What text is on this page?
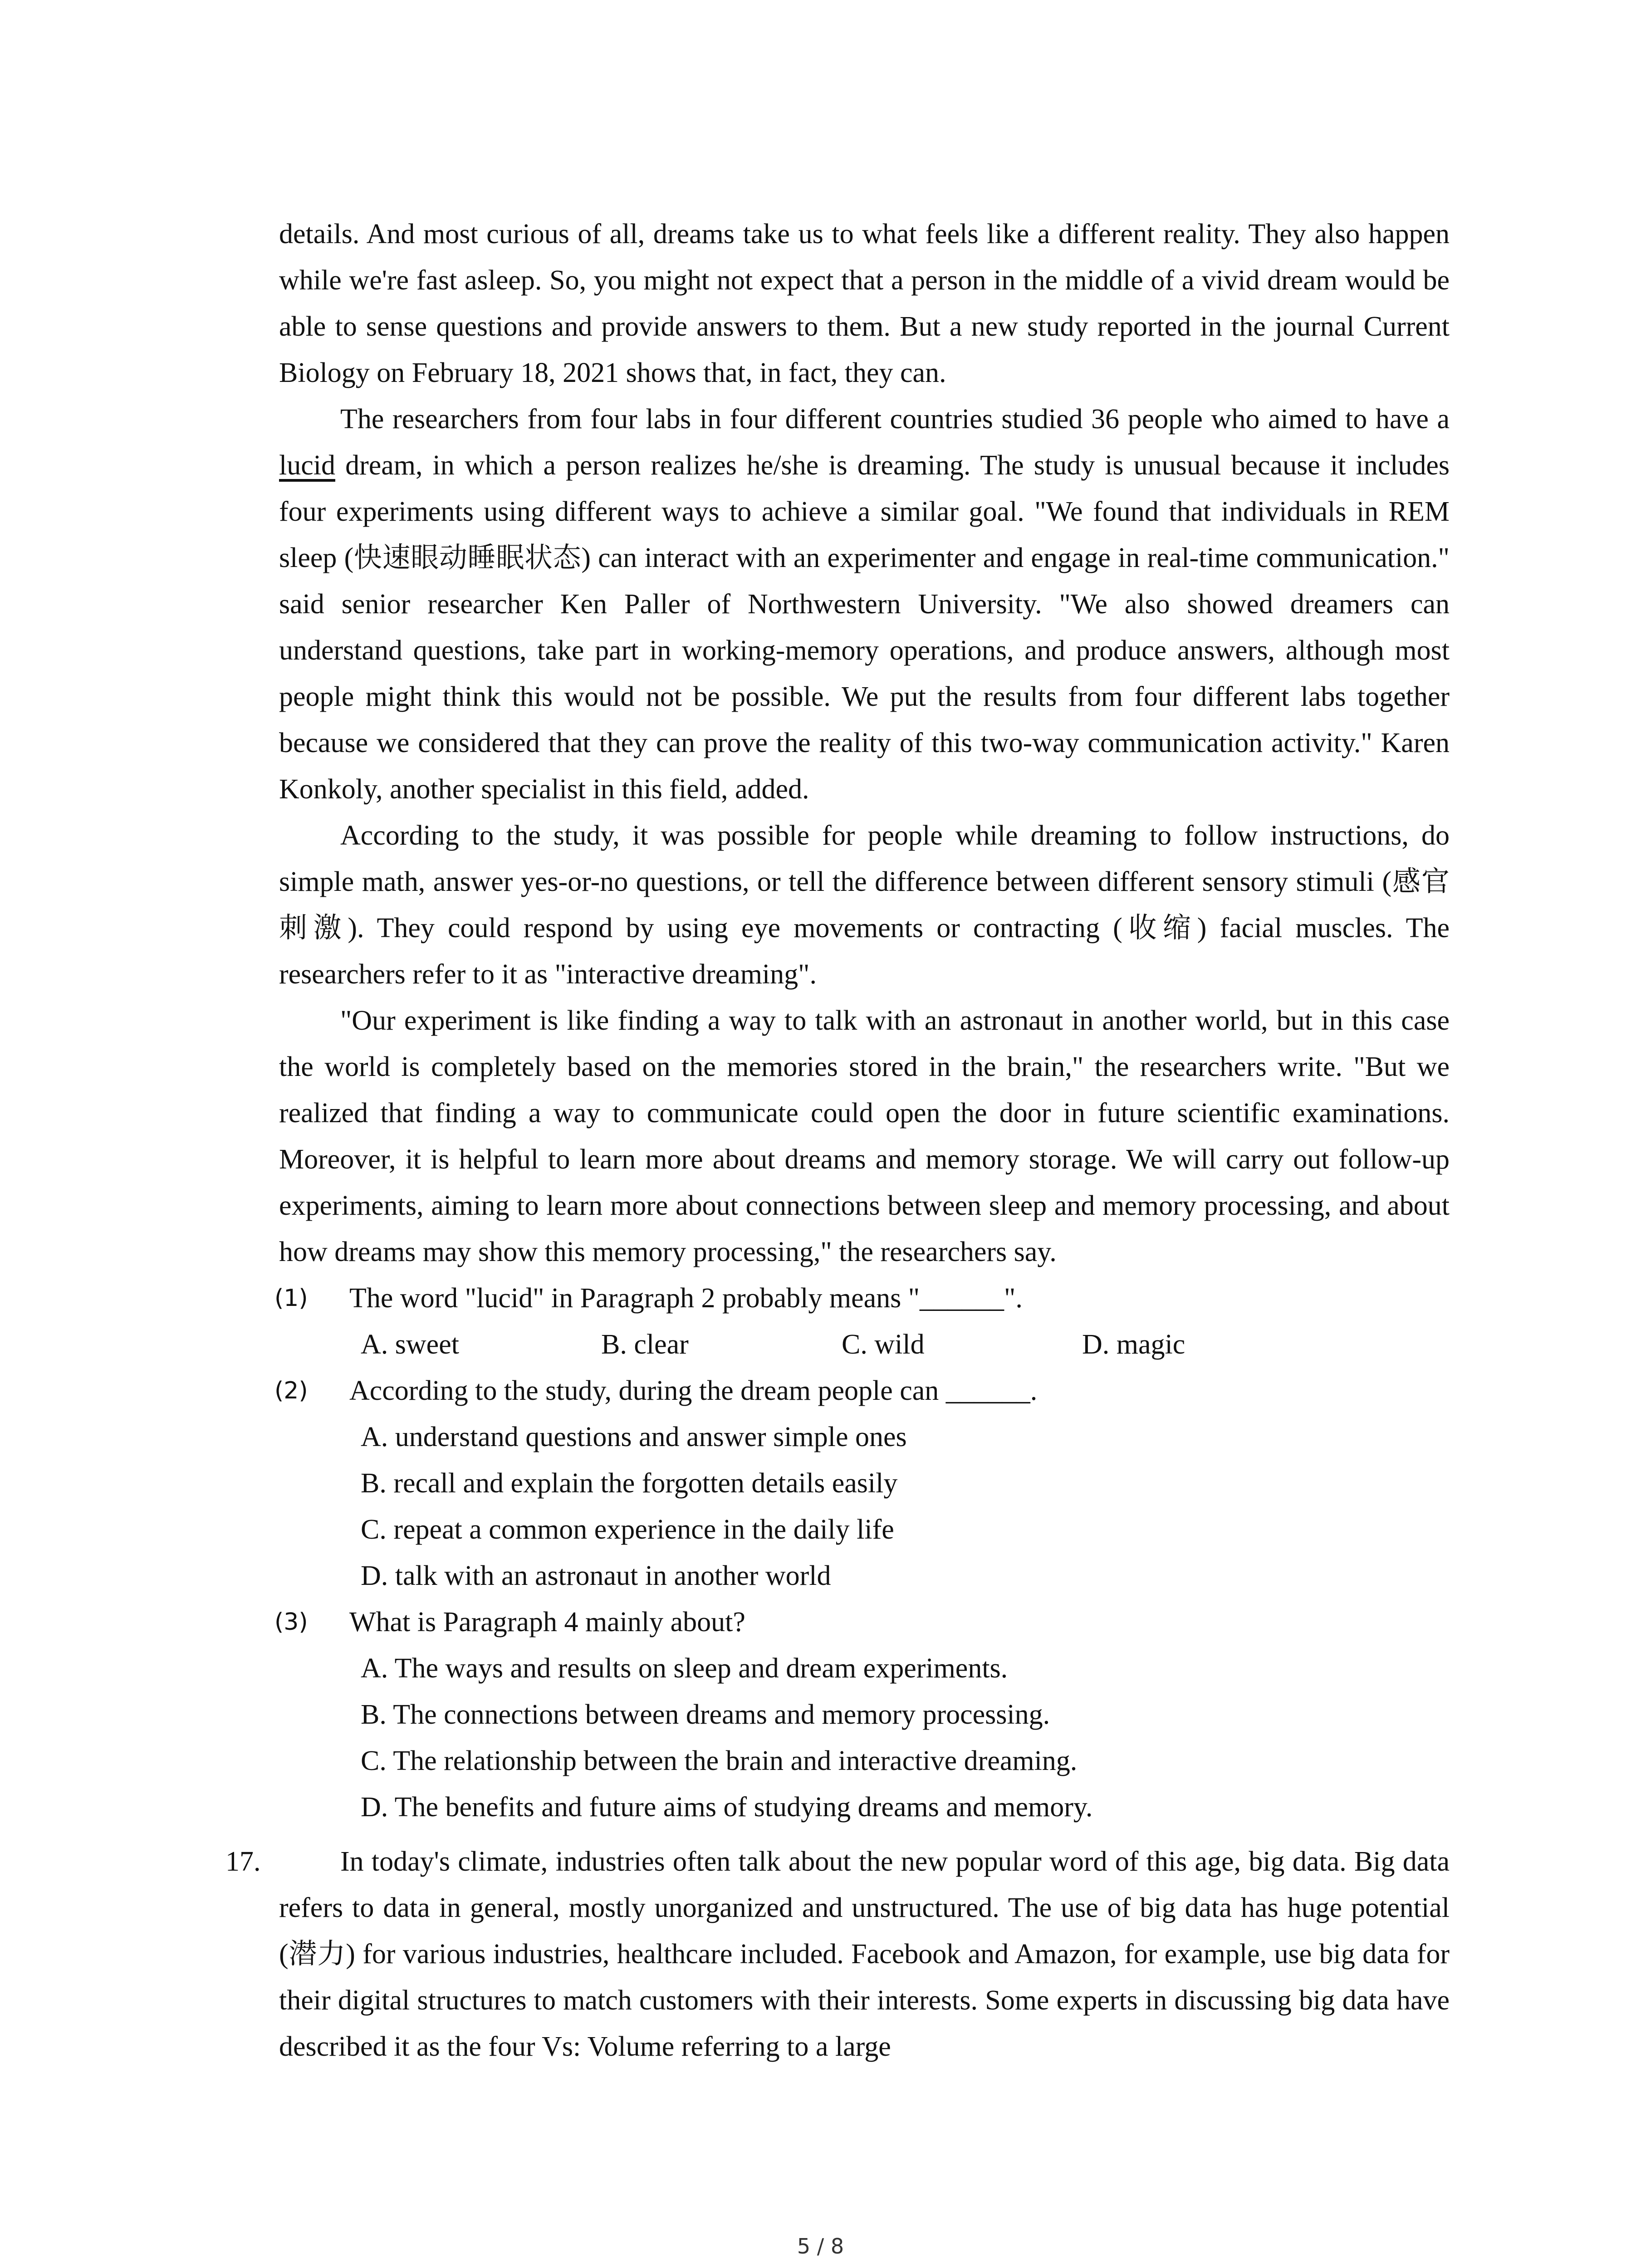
details. And most curious of all, dreams take us to what feels like a different reality. They also happen while we're fast asleep. So, you might not expect that a person in the middle of a vivid dream would be able to sense questions and provide answers to them. But a new study reported in the journal Current Biology on February 18, 2021 shows that, in fact, they can.

The researchers from four labs in four different countries studied 36 people who aimed to have a lucid dream, in which a person realizes he/she is dreaming. The study is unusual because it includes four experiments using different ways to achieve a similar goal. "We found that individuals in REM sleep (快速眼动睡眠状态) can interact with an experimenter and engage in real-time communication." said senior researcher Ken Paller of Northwestern University. "We also showed dreamers can understand questions, take part in working-memory operations, and produce answers, although most people might think this would not be possible. We put the results from four different labs together because we considered that they can prove the reality of this two-way communication activity." Karen Konkoly, another specialist in this field, added.

According to the study, it was possible for people while dreaming to follow instructions, do simple math, answer yes-or-no questions, or tell the difference between different sensory stimuli (感官刺激). They could respond by using eye movements or contracting (收缩) facial muscles. The researchers refer to it as "interactive dreaming".

"Our experiment is like finding a way to talk with an astronaut in another world, but in this case the world is completely based on the memories stored in the brain," the researchers write. "But we realized that finding a way to communicate could open the door in future scientific examinations. Moreover, it is helpful to learn more about dreams and memory storage. We will carry out follow-up experiments, aiming to learn more about connections between sleep and memory processing, and about how dreams may show this memory processing," the researchers say.

(1) The word "lucid" in Paragraph 2 probably means "______".
A. sweet	B. clear	C. wild	D. magic
(2) According to the study, during the dream people can ______.
A. understand questions and answer simple ones
B. recall and explain the forgotten details easily
C. repeat a common experience in the daily life
D. talk with an astronaut in another world
(3) What is Paragraph 4 mainly about?
A. The ways and results on sleep and dream experiments.
B. The connections between dreams and memory processing.
C. The relationship between the brain and interactive dreaming.
D. The benefits and future aims of studying dreams and memory.
17.	In today's climate, industries often talk about the new popular word of this age, big data. Big data refers to data in general, mostly unorganized and unstructured. The use of big data has huge potential (潜力) for various industries, healthcare included. Facebook and Amazon, for example, use big data for their digital structures to match customers with their interests. Some experts in discussing big data have described it as the four Vs: Volume referring to a large

5 / 8
